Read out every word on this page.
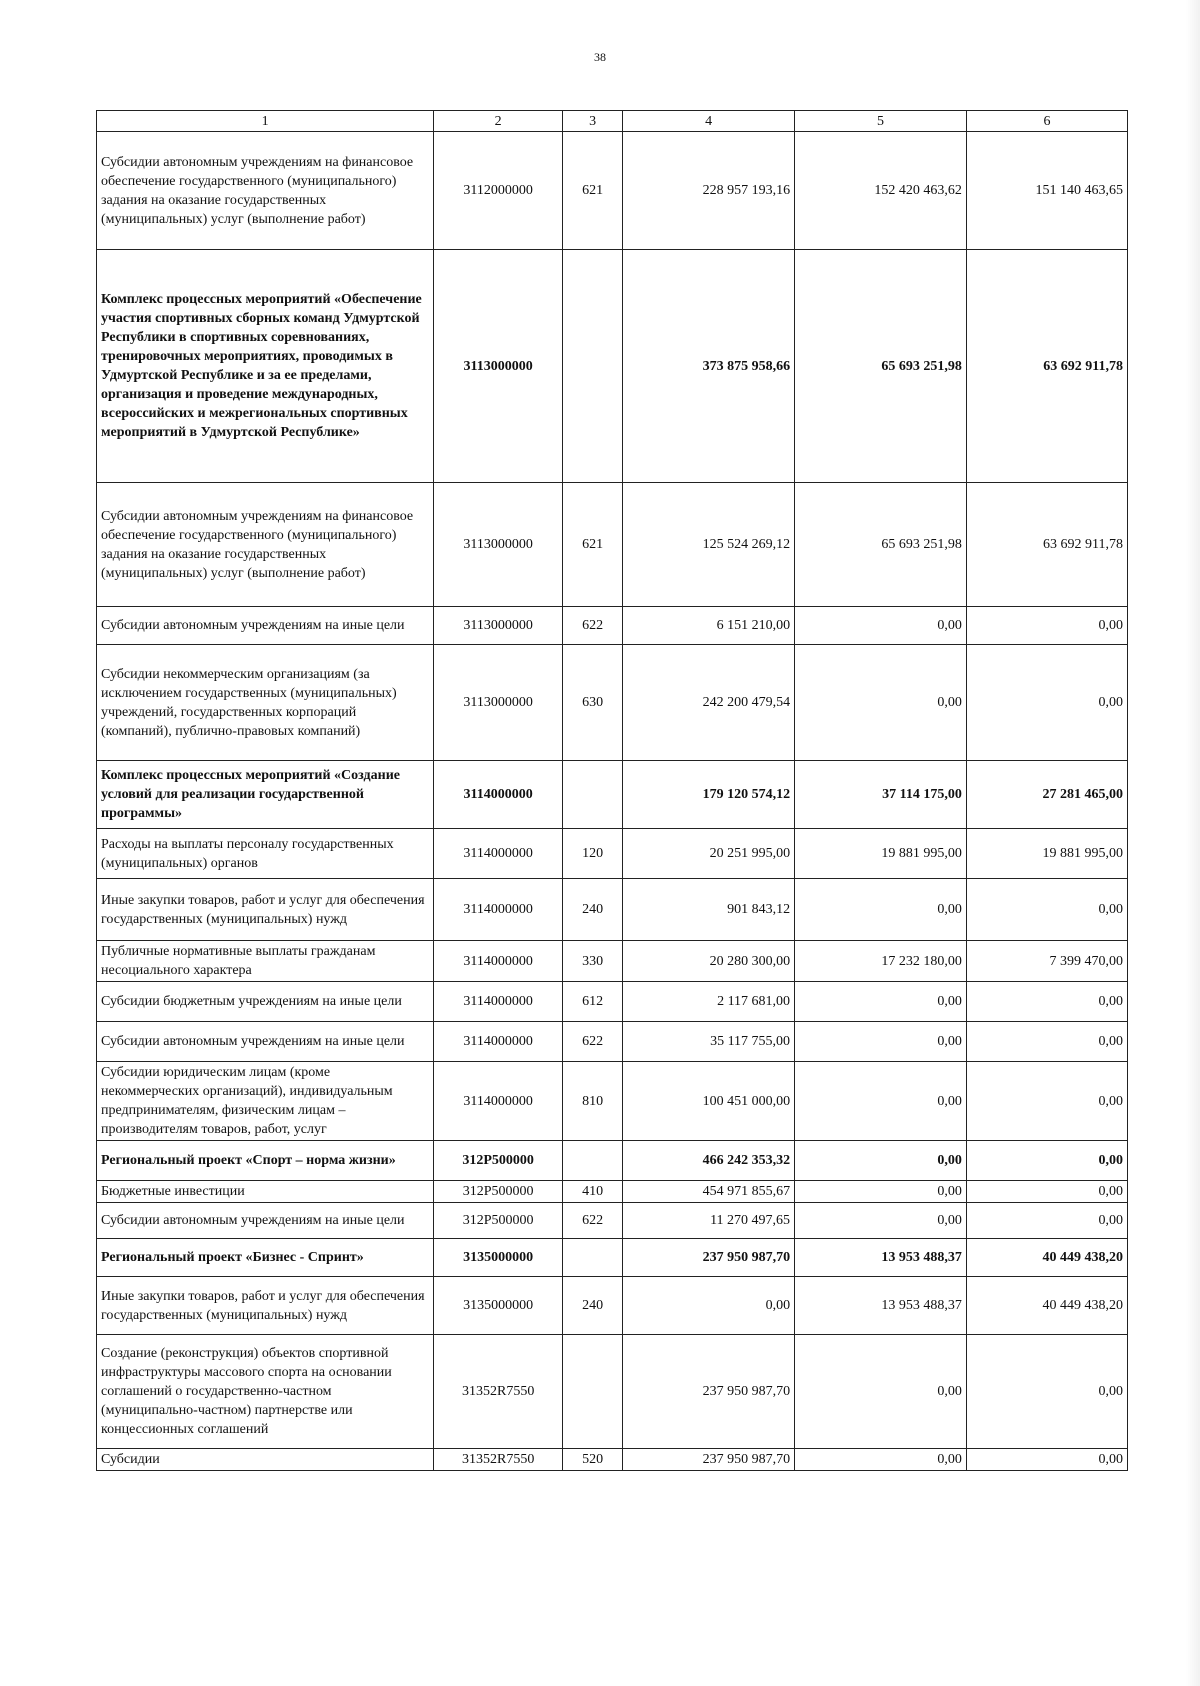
38
1	2	3	4	5	6
Субсидии автономным учреждениям на финансовое обеспечение государственного (муниципального) задания на оказание государственных (муниципальных) услуг (выполнение работ)	3112000000	621	228 957 193,16	152 420 463,62	151 140 463,65
Комплекс процессных мероприятий «Обеспечение участия спортивных сборных команд Удмуртской Республики в спортивных соревнованиях, тренировочных мероприятиях, проводимых в Удмуртской Республике и за ее пределами, организация и проведение международных, всероссийских и межрегиональных спортивных мероприятий в Удмуртской Республике»	3113000000		373 875 958,66	65 693 251,98	63 692 911,78
Субсидии автономным учреждениям на финансовое обеспечение государственного (муниципального) задания на оказание государственных (муниципальных) услуг (выполнение работ)	3113000000	621	125 524 269,12	65 693 251,98	63 692 911,78
Субсидии автономным учреждениям на иные цели	3113000000	622	6 151 210,00	0,00	0,00
Субсидии некоммерческим организациям (за исключением государственных (муниципальных) учреждений, государственных корпораций (компаний), публично-правовых компаний)	3113000000	630	242 200 479,54	0,00	0,00
Комплекс процессных мероприятий «Создание условий для реализации государственной программы»	3114000000		179 120 574,12	37 114 175,00	27 281 465,00
Расходы на выплаты персоналу государственных (муниципальных) органов	3114000000	120	20 251 995,00	19 881 995,00	19 881 995,00
Иные закупки товаров, работ и услуг для обеспечения государственных (муниципальных) нужд	3114000000	240	901 843,12	0,00	0,00
Публичные нормативные выплаты гражданам несоциального характера	3114000000	330	20 280 300,00	17 232 180,00	7 399 470,00
Субсидии бюджетным учреждениям на иные цели	3114000000	612	2 117 681,00	0,00	0,00
Субсидии автономным учреждениям на иные цели	3114000000	622	35 117 755,00	0,00	0,00
Субсидии юридическим лицам (кроме некоммерческих организаций), индивидуальным предпринимателям, физическим лицам – производителям товаров, работ, услуг	3114000000	810	100 451 000,00	0,00	0,00
Региональный проект «Спорт – норма жизни»	312P500000		466 242 353,32	0,00	0,00
Бюджетные инвестиции	312P500000	410	454 971 855,67	0,00	0,00
Субсидии автономным учреждениям на иные цели	312P500000	622	11 270 497,65	0,00	0,00
Региональный проект «Бизнес - Спринт»	3135000000		237 950 987,70	13 953 488,37	40 449 438,20
Иные закупки товаров, работ и услуг для обеспечения государственных (муниципальных) нужд	3135000000	240	0,00	13 953 488,37	40 449 438,20
Создание (реконструкция) объектов спортивной инфраструктуры массового спорта на основании соглашений о государственно-частном (муниципально-частном) партнерстве или концессионных соглашений	31352R7550		237 950 987,70	0,00	0,00
Субсидии	31352R7550	520	237 950 987,70	0,00	0,00
